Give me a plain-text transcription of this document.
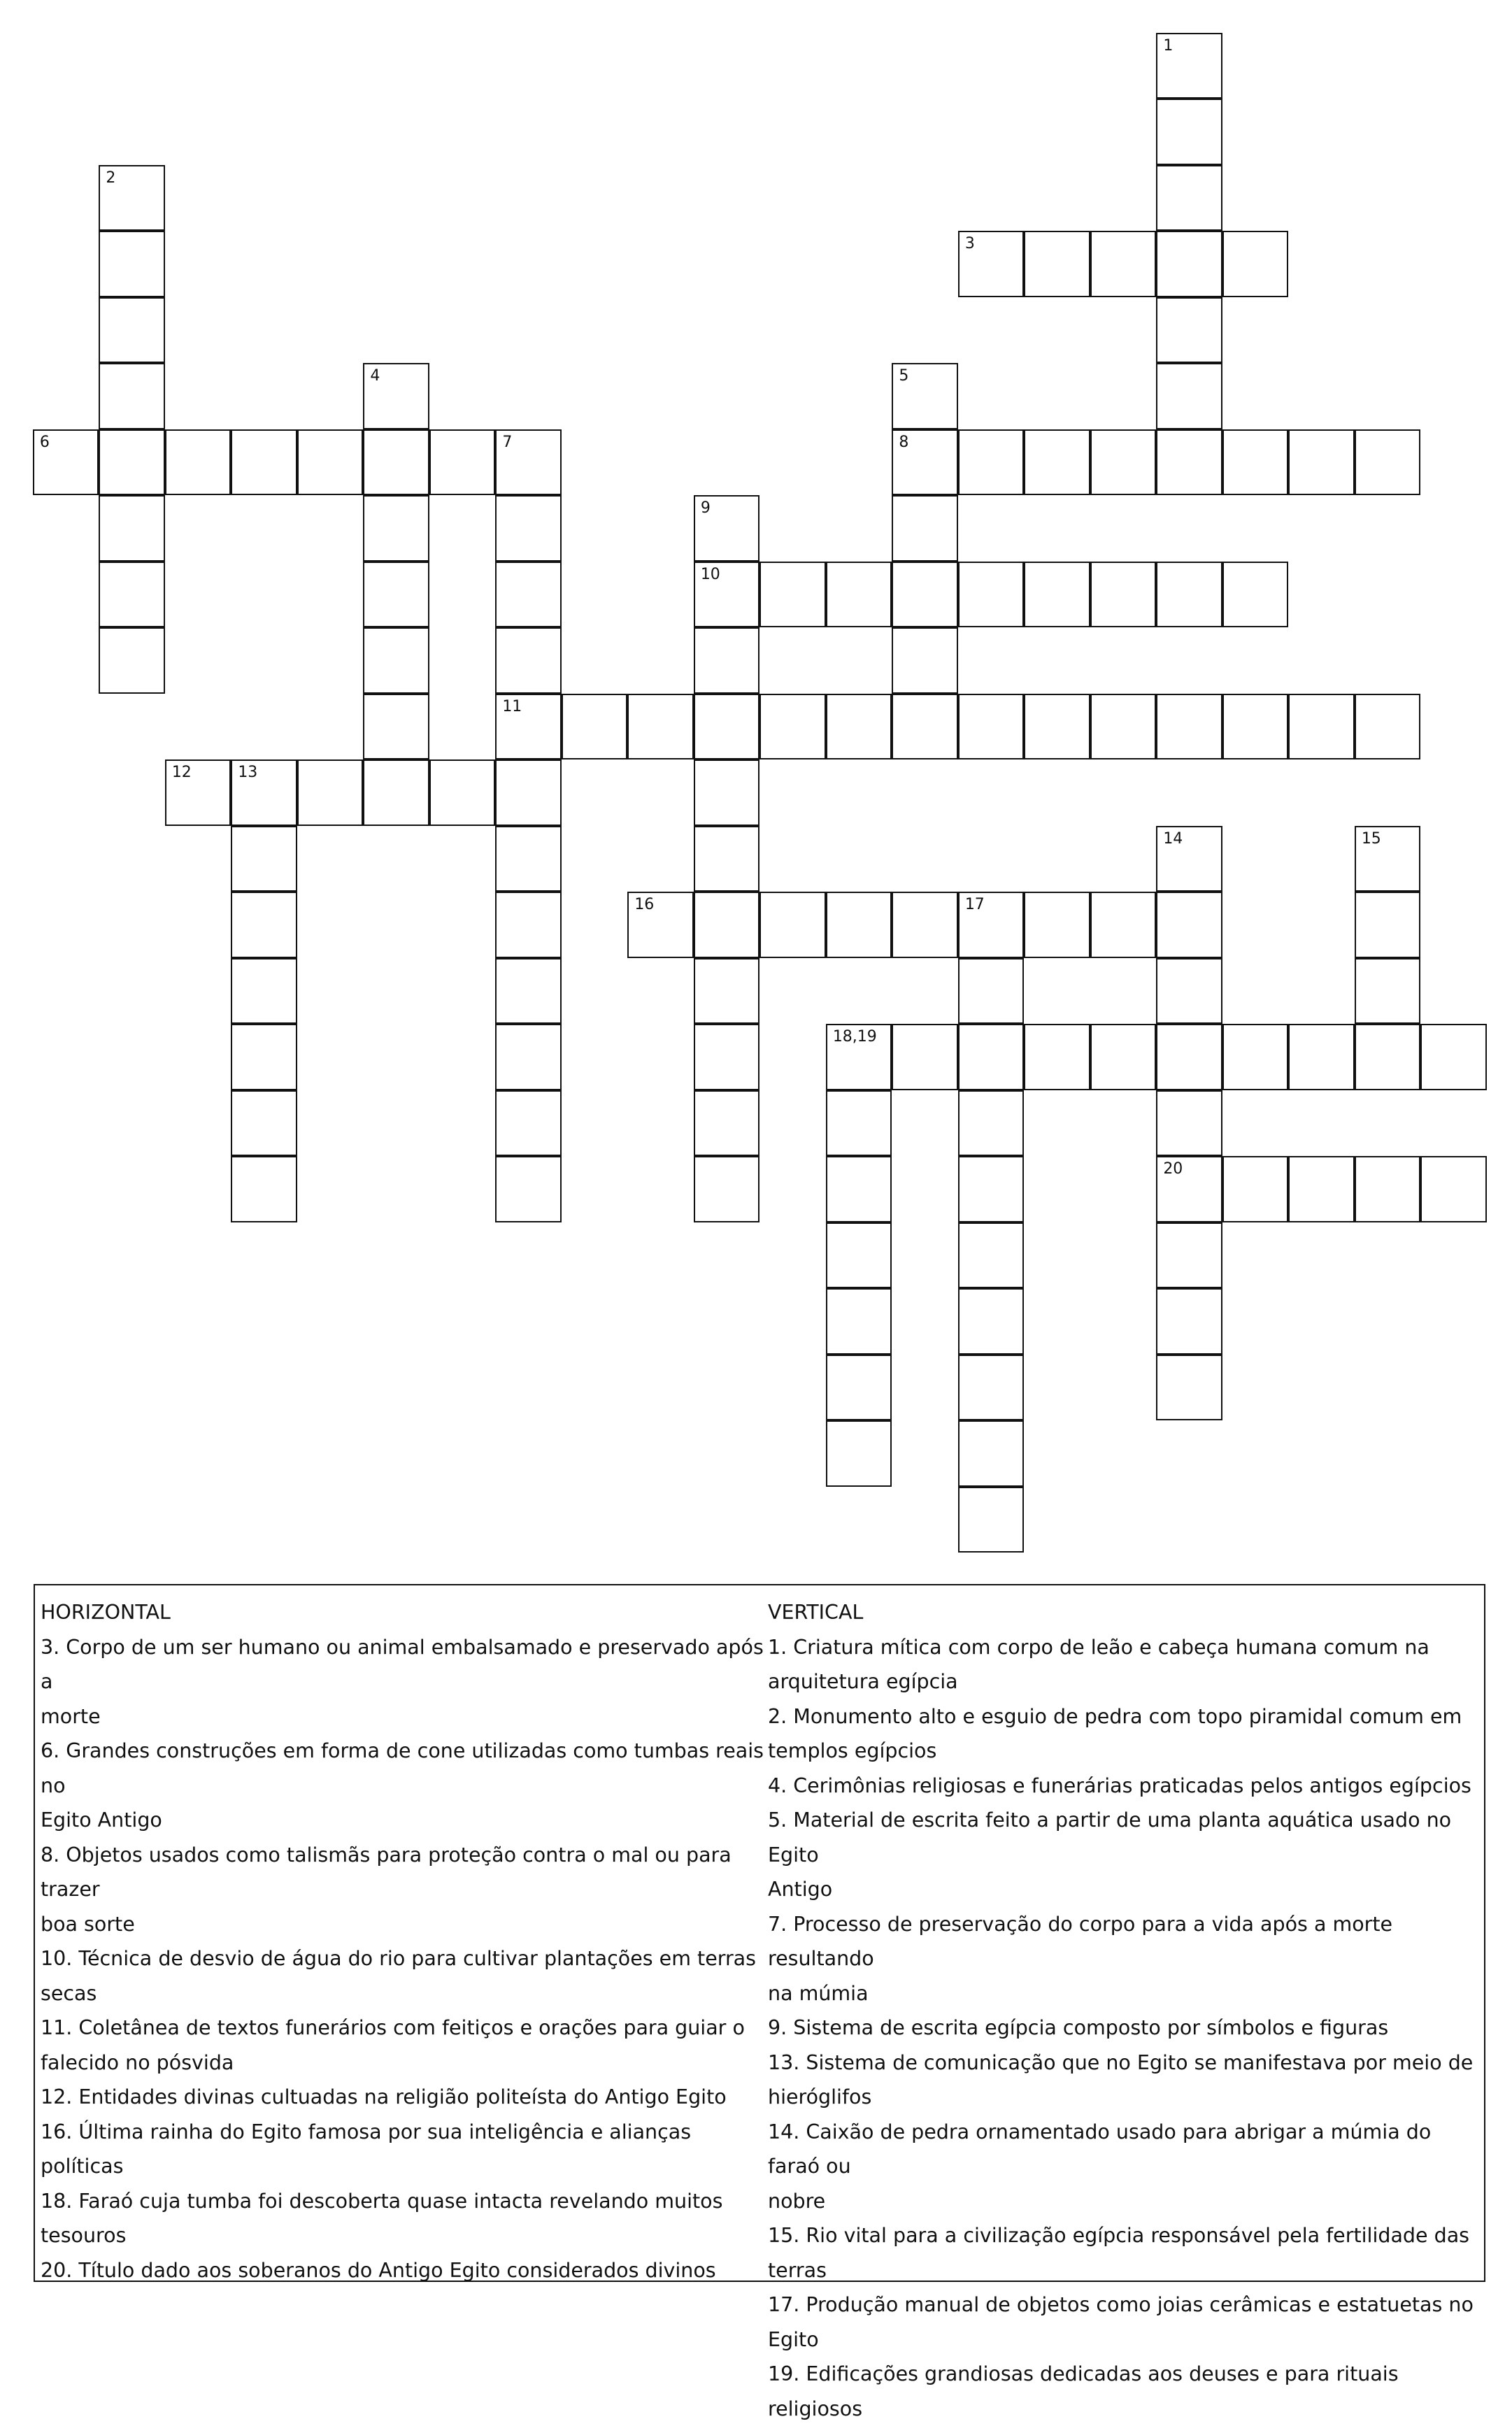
1
3
2
4	5
6	7
11
8
9
10
12	13
14	15
16	17
18,19
20
HORIZONTAL
3. Corpo de um ser humano ou animal embalsamado e preservado após a
morte
6. Grandes construções em forma de cone utilizadas como tumbas reais no
Egito Antigo
8. Objetos usados como talismãs para proteção contra o mal ou para trazer
boa sorte
10. Técnica de desvio de água do rio para cultivar plantações em terras
secas
11. Coletânea de textos funerários com feitiços e orações para guiar o
falecido no pósvida
12. Entidades divinas cultuadas na religião politeísta do Antigo Egito
16. Última rainha do Egito famosa por sua inteligência e alianças políticas
18. Faraó cuja tumba foi descoberta quase intacta revelando muitos
tesouros
20. Título dado aos soberanos do Antigo Egito considerados divinos
VERTICAL
1. Criatura mítica com corpo de leão e cabeça humana comum na
arquitetura egípcia
2. Monumento alto e esguio de pedra com topo piramidal comum em
templos egípcios
4. Cerimônias religiosas e funerárias praticadas pelos antigos egípcios
5. Material de escrita feito a partir de uma planta aquática usado no Egito
Antigo
7. Processo de preservação do corpo para a vida após a morte resultando
na múmia
9. Sistema de escrita egípcia composto por símbolos e figuras
13. Sistema de comunicação que no Egito se manifestava por meio de
hieróglifos
14. Caixão de pedra ornamentado usado para abrigar a múmia do faraó ou
nobre
15. Rio vital para a civilização egípcia responsável pela fertilidade das
terras
17. Produção manual de objetos como joias cerâmicas e estatuetas no Egito
19. Edificações grandiosas dedicadas aos deuses e para rituais religiosos
